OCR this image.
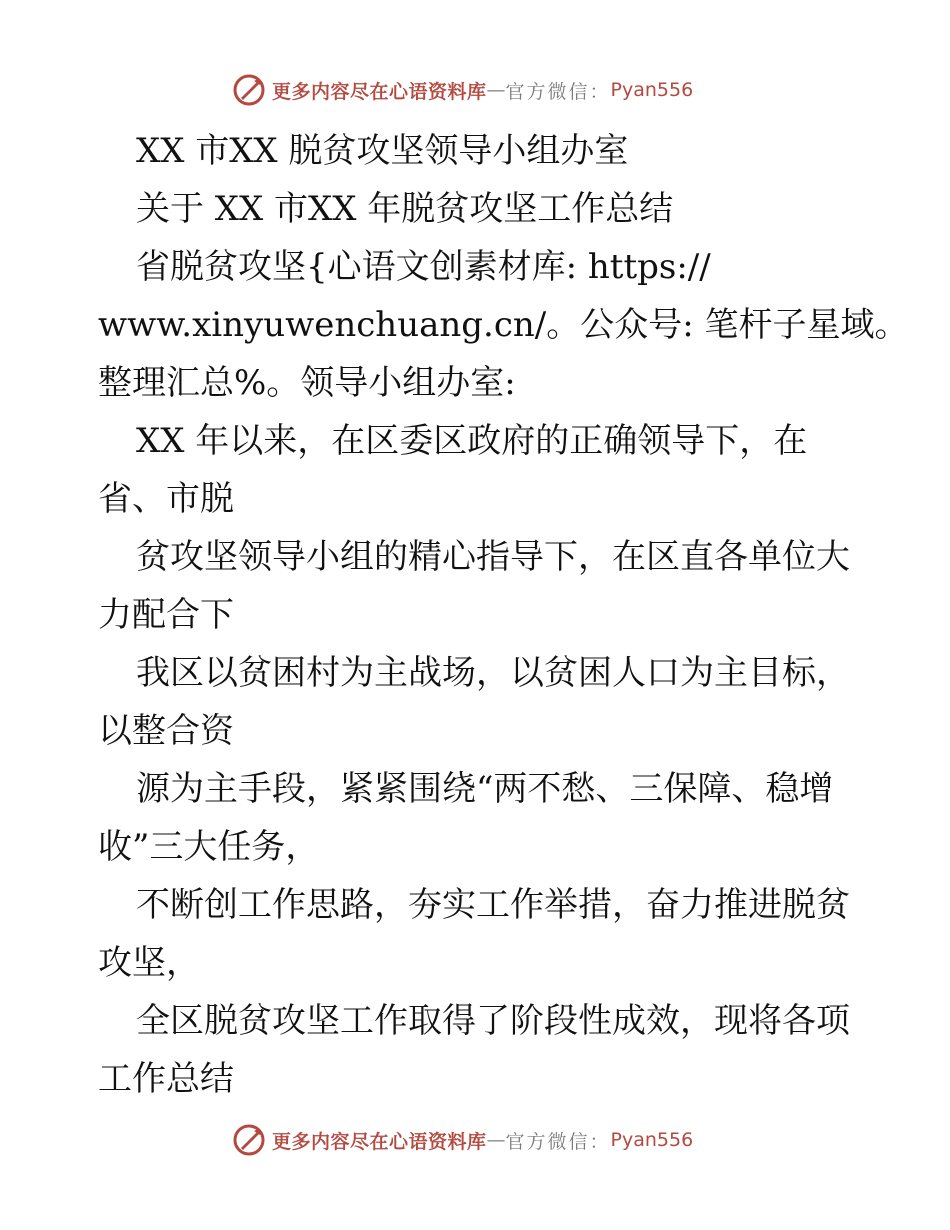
更多内容尽在心语资料库 — 官方微信： Pyan556
XX 市XX 脱贫攻坚领导小组办室
关于 XX 市XX 年脱贫攻坚工作总结
省脱贫攻坚{心语文创素材库: https://
www.xinyuwenchuang.cn/。公众号: 笔杆子星域。
整理汇总%。领导小组办室:
XX 年以来，在区委区政府的正确领导下，在
省、市脱
贫攻坚领导小组的精心指导下，在区直各单位大
力配合下
我区以贫困村为主战场，以贫困人口为主目标，
以整合资
源为主手段，紧紧围绕“两不愁、三保障、稳增
收”三大任务，
不断创工作思路，夯实工作举措，奋力推进脱贫
攻坚，
全区脱贫攻坚工作取得了阶段性成效，现将各项
工作总结
更多内容尽在心语资料库 — 官方微信： Pyan556
